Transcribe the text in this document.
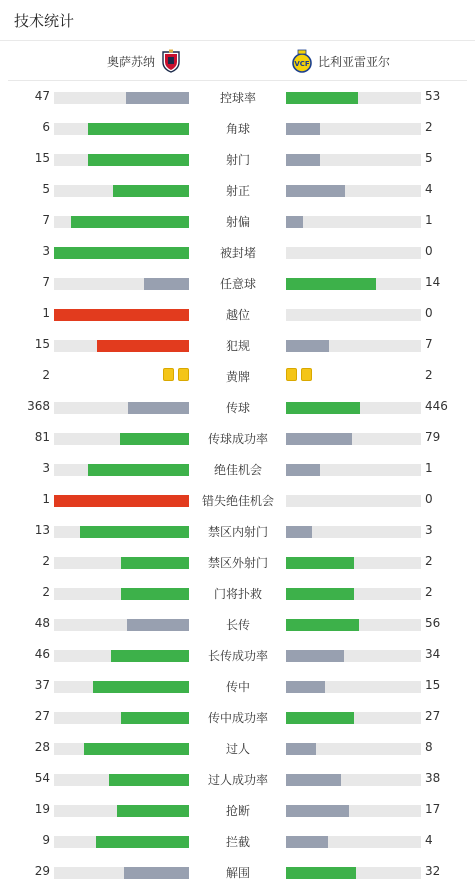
技术统计
奥萨苏纳	VCF 比利亚雷亚尔
47	控球率	53
6	角球	2
15	射门	5
5	射正	4
7	射偏	1
3	被封堵	0
7	任意球	14
1	越位	0
15	犯规	7
2	黄牌	2
368	传球	446
81	传球成功率	79
3	绝佳机会	1
1	错失绝佳机会	0
13	禁区内射门	3
2	禁区外射门	2
2	门将扑救	2
48	长传	56
46	长传成功率	34
37	传中	15
27	传中成功率	27
28	过人	8
54	过人成功率	38
19	抢断	17
9	拦截	4
29	解围	32
